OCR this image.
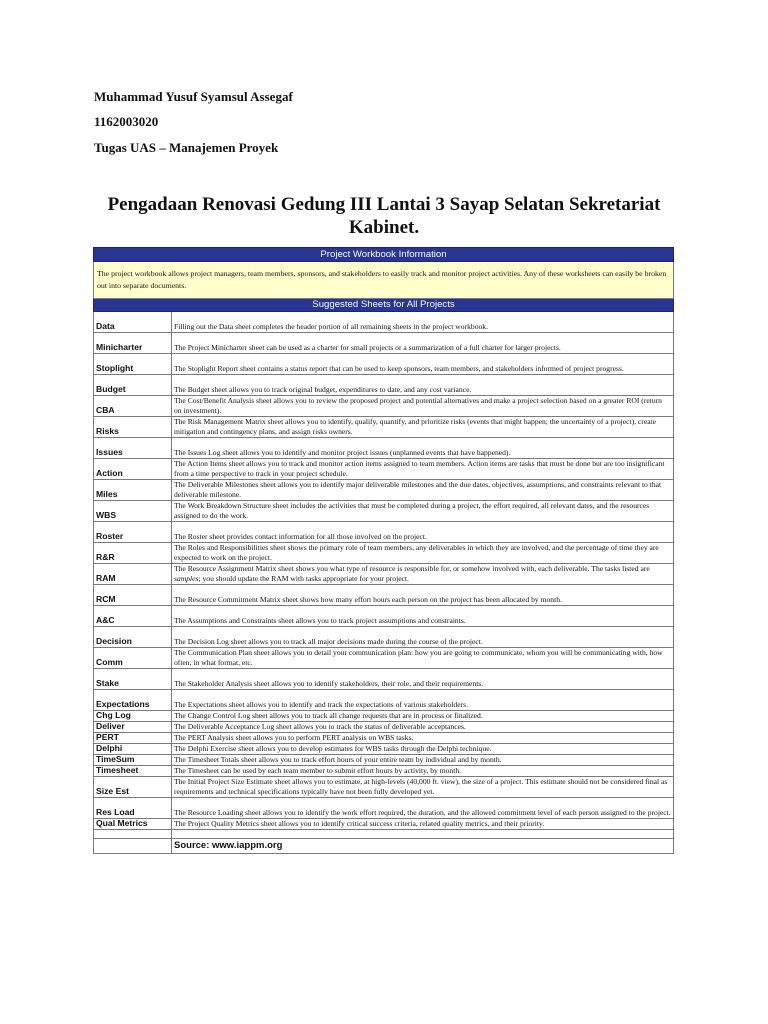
Muhammad Yusuf Syamsul Assegaf
1162003020
Tugas UAS – Manajemen Proyek
Pengadaan Renovasi Gedung III Lantai 3 Sayap Selatan Sekretariat Kabinet.
Project Workbook Information	
The project workbook allows project managers, team members, sponsors, and stakeholders to easily track and monitor project activities. Any of these worksheets can easily be broken out into separate documents.	
Suggested Sheets for All Projects	
Data	Filling out the Data sheet completes the header portion of all remaining sheets in the project workbook.
Minicharter	The Project Minicharter sheet can be used as a charter for small projects or a summarization of a full charter for larger projects.
Stoplight	The Stoplight Report sheet contains a status report that can be used to keep sponsors, team members, and stakeholders informed of project progress.
Budget	The Budget sheet allows you to track original budget, expenditures to date, and any cost variance.
CBA	The Cost/Benefit Analysis sheet allows you to review the proposed project and potential alternatives and make a project selection based on a greater ROI (return on investment).
Risks	The Risk Management Matrix sheet allows you to identify, qualify, quantify, and prioritize risks (events that might happen; the uncertainty of a project), create mitigation and contingency plans, and assign risks owners.
Issues	The Issues Log sheet allows you to identify and monitor project issues (unplanned events that have happened).
Action	The Action Items sheet allows you to track and monitor action items assigned to team members. Action items are tasks that must be done but are too insignificant from a time perspective to track in your project schedule.
Miles	The Deliverable Milestones sheet allows you to identify major deliverable milestones and the due dates, objectives, assumptions, and constraints relevant to that deliverable milestone.
WBS	The Work Breakdown Structure sheet includes the activities that must be completed during a project, the effort required, all relevant dates, and the resources assigned to do the work.
Roster	The Roster sheet provides contact information for all those involved on the project.
R&R	The Roles and Responsibilities sheet shows the primary role of team members, any deliverables in which they are involved, and the percentage of time they are expected to work on the project.
RAM	The Resource Assignment Matrix sheet shows you what type of resource is responsible for, or somehow involved with, each deliverable. The tasks listed are samples; you should update the RAM with tasks appropriate for your project.
RCM	The Resource Commitment Matrix sheet shows how many effort hours each person on the project has been allocated by month.
A&C	The Assumptions and Constraints sheet allows you to track project assumptions and constraints.
Decision	The Decision Log sheet allows you to track all major decisions made during the course of the project.
Comm	The Communication Plan sheet allows you to detail your communication plan: how you are going to communicate, whom you will be communicating with, how often, in what format, etc.
Stake	The Stakeholder Analysis sheet allows you to identify stakeholders, their role, and their requirements.
Expectations	The Expectations sheet allows you to identify and track the expectations of various stakeholders.
Chg Log	The Change Control Log sheet allows you to track all change requests that are in process or finalized.
Deliver	The Deliverable Acceptance Log sheet allows you to track the status of deliverable acceptances.
PERT	The PERT Analysis sheet allows you to perform PERT analysis on WBS tasks.
Delphi	The Delphi Exercise sheet allows you to develop estimates for WBS tasks through the Delphi technique.
TimeSum	The Timesheet Totals sheet allows you to track effort hours of your entire team by individual and by month.
Timesheet	The Timesheet can be used by each team member to submit effort hours by activity, by month.
Size Est	The Initial Project Size Estimate sheet allows you to estimate, at high-levels (40,000 ft. view), the size of a project. This estimate should not be considered final as requirements and technical specifications typically have not been fully developed yet.
Res Load	The Resource Loading sheet allows you to identify the work effort required, the duration, and the allowed commitment level of each person assigned to the project.
Qual Metrics	The Project Quality Metrics sheet allows you to identify critical success criteria, related quality metrics, and their priority.

	Source: www.iappm.org
